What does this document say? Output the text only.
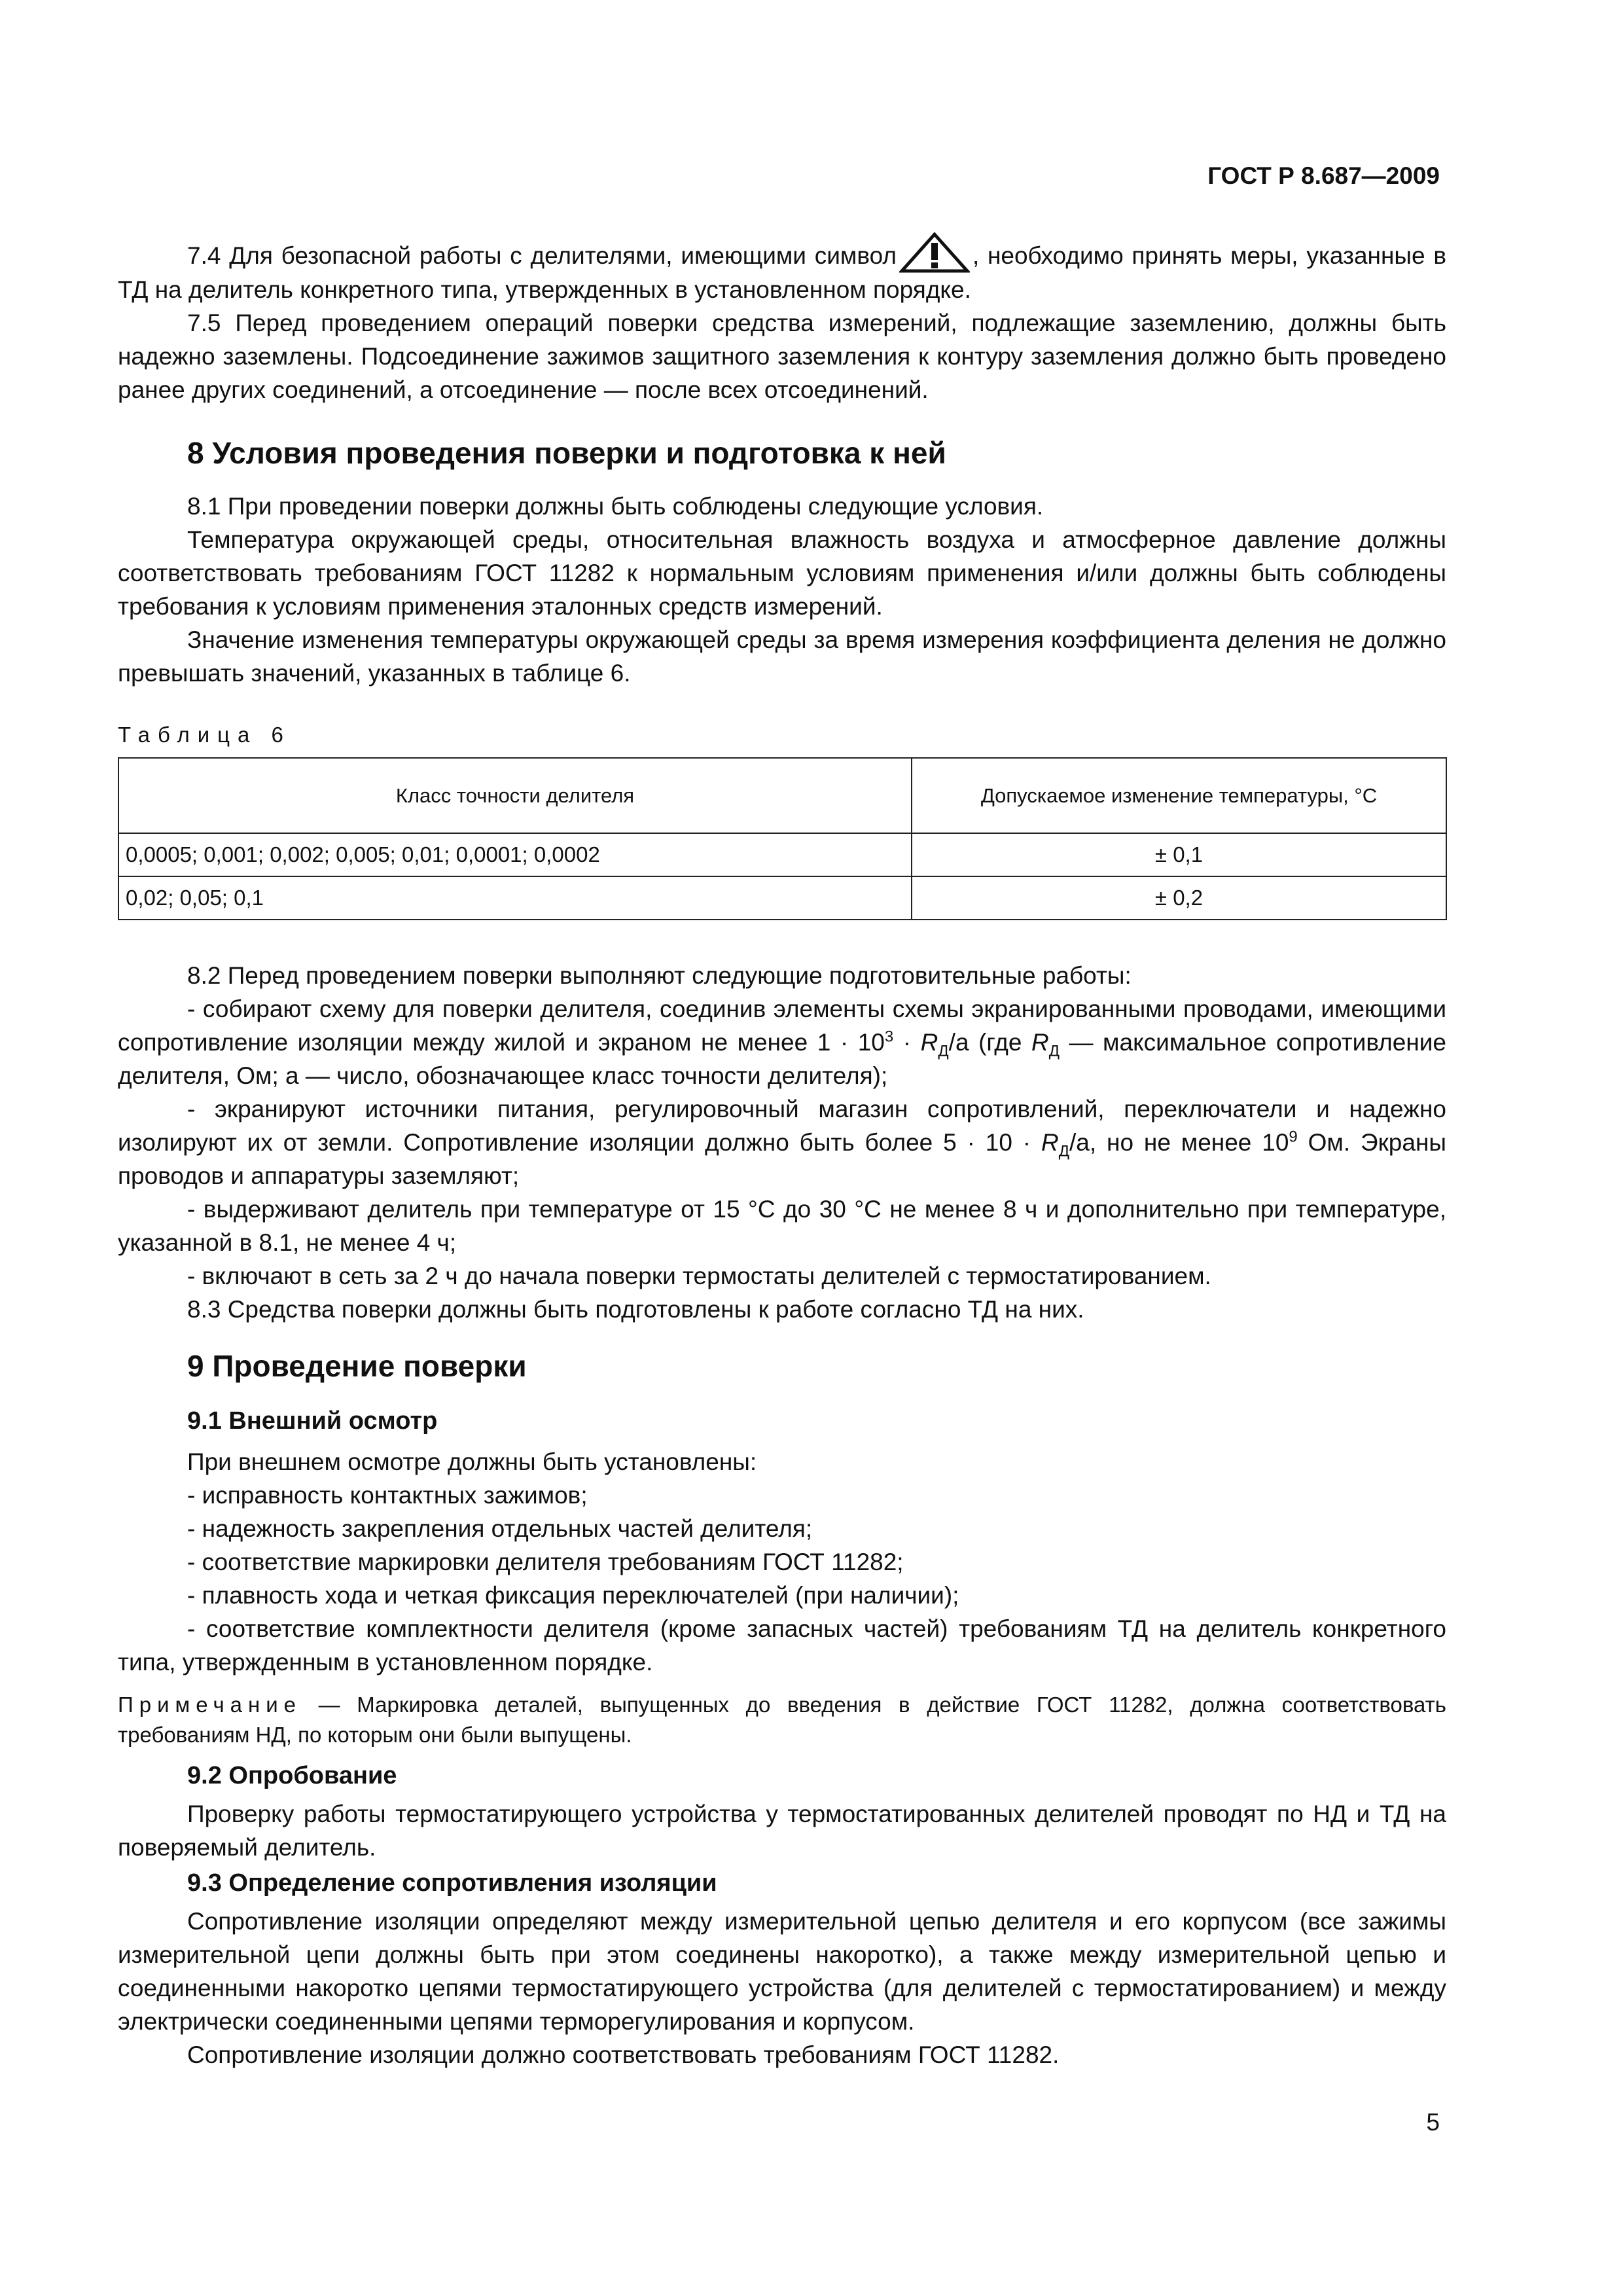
ГОСТ Р 8.687—2009

7.4 Для безопасной работы с делителями, имеющими символ	, необходимо принять меры, указанные в ТД на делитель конкретного типа, утвержденных в установленном порядке.

7.5 Перед проведением операций поверки средства измерений, подлежащие заземлению, должны быть надежно заземлены. Подсоединение зажимов защитного заземления к контуру заземления должно быть проведено ранее других соединений, а отсоединение — после всех отсоединений.

8 Условия проведения поверки и подготовка к ней

8.1 При проведении поверки должны быть соблюдены следующие условия.

Температура окружающей среды, относительная влажность воздуха и атмосферное давление должны соответствовать требованиям ГОСТ 11282 к нормальным условиям применения и/или должны быть соблюдены требования к условиям применения эталонных средств измерений.

Значение изменения температуры окружающей среды за время измерения коэффициента деления не должно превышать значений, указанных в таблице 6.

Таблица 6
Класс точности делителя	Допускаемое изменение температуры, °С
0,0005; 0,001; 0,002; 0,005; 0,01; 0,0001; 0,0002	± 0,1
0,02; 0,05; 0,1	± 0,2

8.2 Перед проведением поверки выполняют следующие подготовительные работы:

- собирают схему для поверки делителя, соединив элементы схемы экранированными проводами, имеющими сопротивление изоляции между жилой и экраном не менее $1 \cdot 10^3 \cdot R_Д/a$ (где $R_Д$ — максимальное сопротивление делителя, Ом; a — число, обозначающее класс точности делителя);

- экранируют источники питания, регулировочный магазин сопротивлений, переключатели и надежно изолируют их от земли. Сопротивление изоляции должно быть более $5 \cdot 10 \cdot R_Д/a$, но не менее $10^9$ Ом. Экраны проводов и аппаратуры заземляют;

- выдерживают делитель при температуре от 15 °С до 30 °С не менее 8 ч и дополнительно при температуре, указанной в 8.1, не менее 4 ч;

- включают в сеть за 2 ч до начала поверки термостаты делителей с термостатированием.

8.3 Средства поверки должны быть подготовлены к работе согласно ТД на них.

9 Проведение поверки
9.1 Внешний осмотр

При внешнем осмотре должны быть установлены:

- исправность контактных зажимов;

- надежность закрепления отдельных частей делителя;

- соответствие маркировки делителя требованиям ГОСТ 11282;

- плавность хода и четкая фиксация переключателей (при наличии);

- соответствие комплектности делителя (кроме запасных частей) требованиям ТД на делитель конкретного типа, утвержденным в установленном порядке.

Примечание — Маркировка деталей, выпущенных до введения в действие ГОСТ 11282, должна соответствовать требованиям НД, по которым они были выпущены.

9.2 Опробование

Проверку работы термостатирующего устройства у термостатированных делителей проводят по НД и ТД на поверяемый делитель.

9.3 Определение сопротивления изоляции

Сопротивление изоляции определяют между измерительной цепью делителя и его корпусом (все зажимы измерительной цепи должны быть при этом соединены накоротко), а также между измерительной цепью и соединенными накоротко цепями термостатирующего устройства (для делителей с термостатированием) и между электрически соединенными цепями терморегулирования и корпусом.

Сопротивление изоляции должно соответствовать требованиям ГОСТ 11282.

5
